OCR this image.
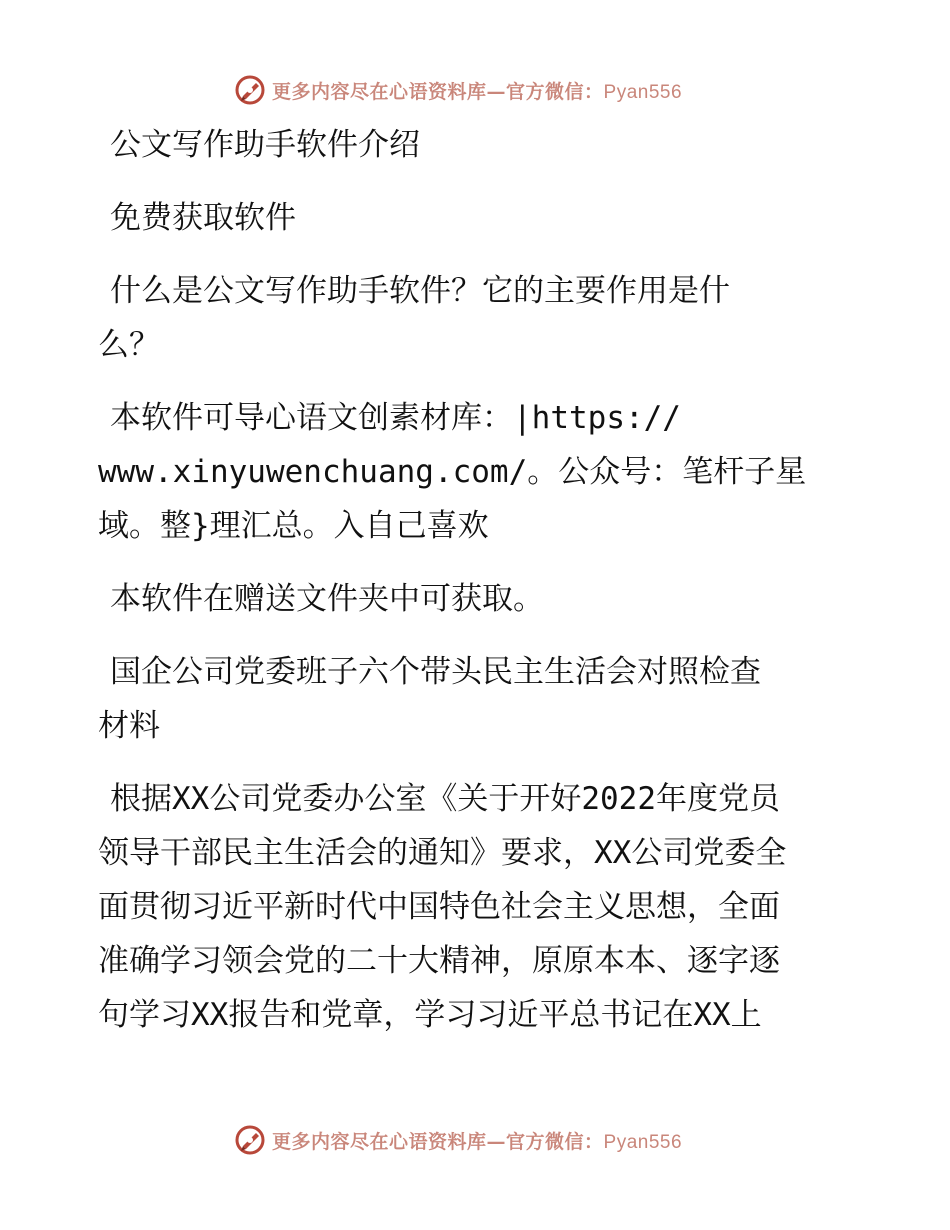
更多内容尽在心语资料库—官方微信：Pyan556
公文写作助手软件介绍
免费获取软件
什么是公文写作助手软件？它的主要作用是什
么？
本软件可导心语文创素材库：|https://
www.xinyuwenchuang.com/。公众号：笔杆子星
域。整}理汇总。入自己喜欢
本软件在赠送文件夹中可获取。
国企公司党委班子六个带头民主生活会对照检查
材料
根据XX公司党委办公室《关于开好2022年度党员
领导干部民主生活会的通知》要求，XX公司党委全
面贯彻习近平新时代中国特色社会主义思想，全面
准确学习领会党的二十大精神，原原本本、逐字逐
句学习XX报告和党章，学习习近平总书记在XX上
更多内容尽在心语资料库—官方微信：Pyan556
